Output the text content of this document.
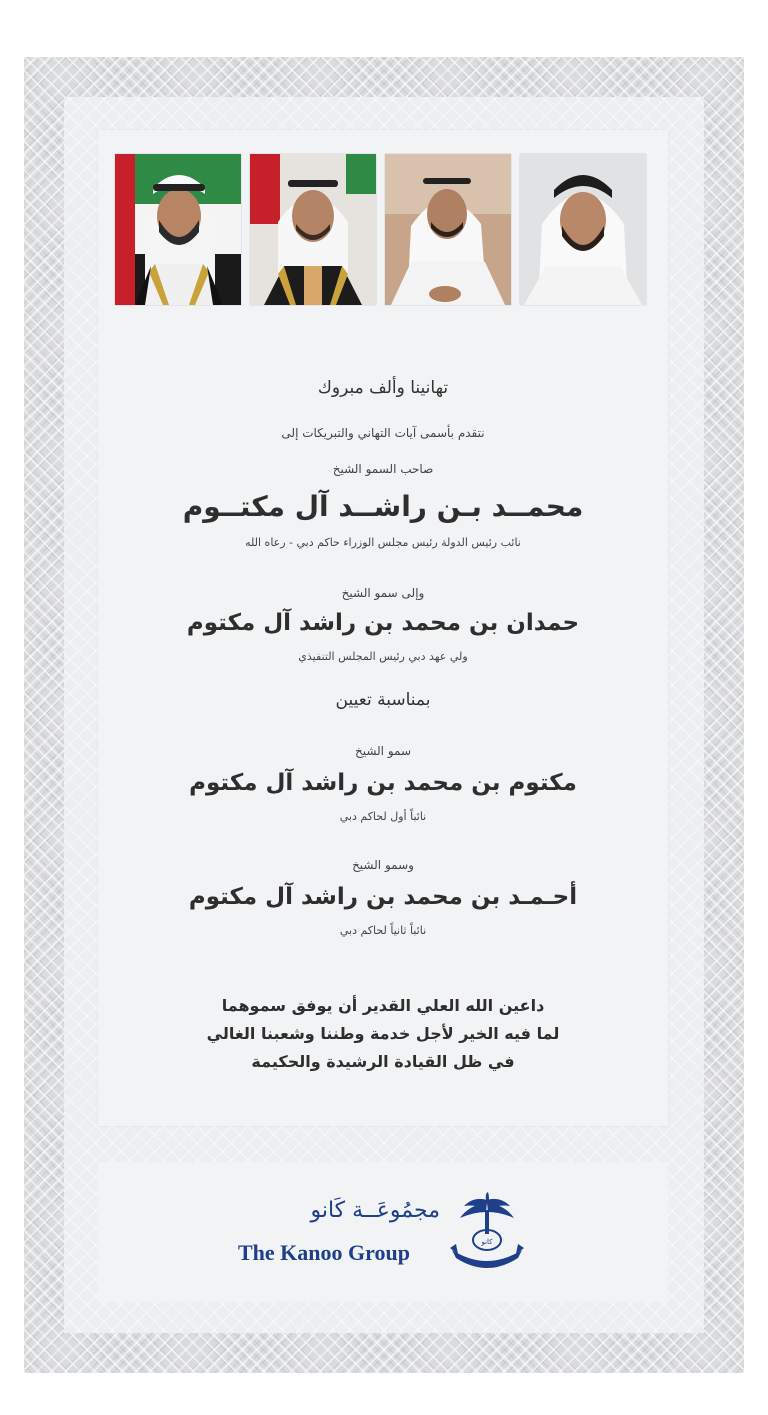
تهانينا وألف مبروك
نتقدم بأسمى آيات التهاني والتبريكات إلى
صاحب السمو الشيخ
محمــد بـن راشــد آل مكتــوم
نائب رئيس الدولة رئيس مجلس الوزراء حاكم دبي - رعاه الله
وإلى سمو الشيخ
حمدان بن محمد بن راشد آل مكتوم
ولي عهد دبي رئيس المجلس التنفيذي
بمناسبة تعيين
سمو الشيخ
مكتوم بن محمد بن راشد آل مكتوم
نائباً أول لحاكم دبي
وسمو الشيخ
أحـمـد بن محمد بن راشد آل مكتوم
نائباً ثانياً لحاكم دبي
داعين الله العلي القدير أن يوفق سموهما
لما فيه الخير لأجل خدمة وطننا وشعبنا الغالي
في ظل القيادة الرشيدة والحكيمة
مجمُوعَــة كَانو
The Kanoo Group	كانو
